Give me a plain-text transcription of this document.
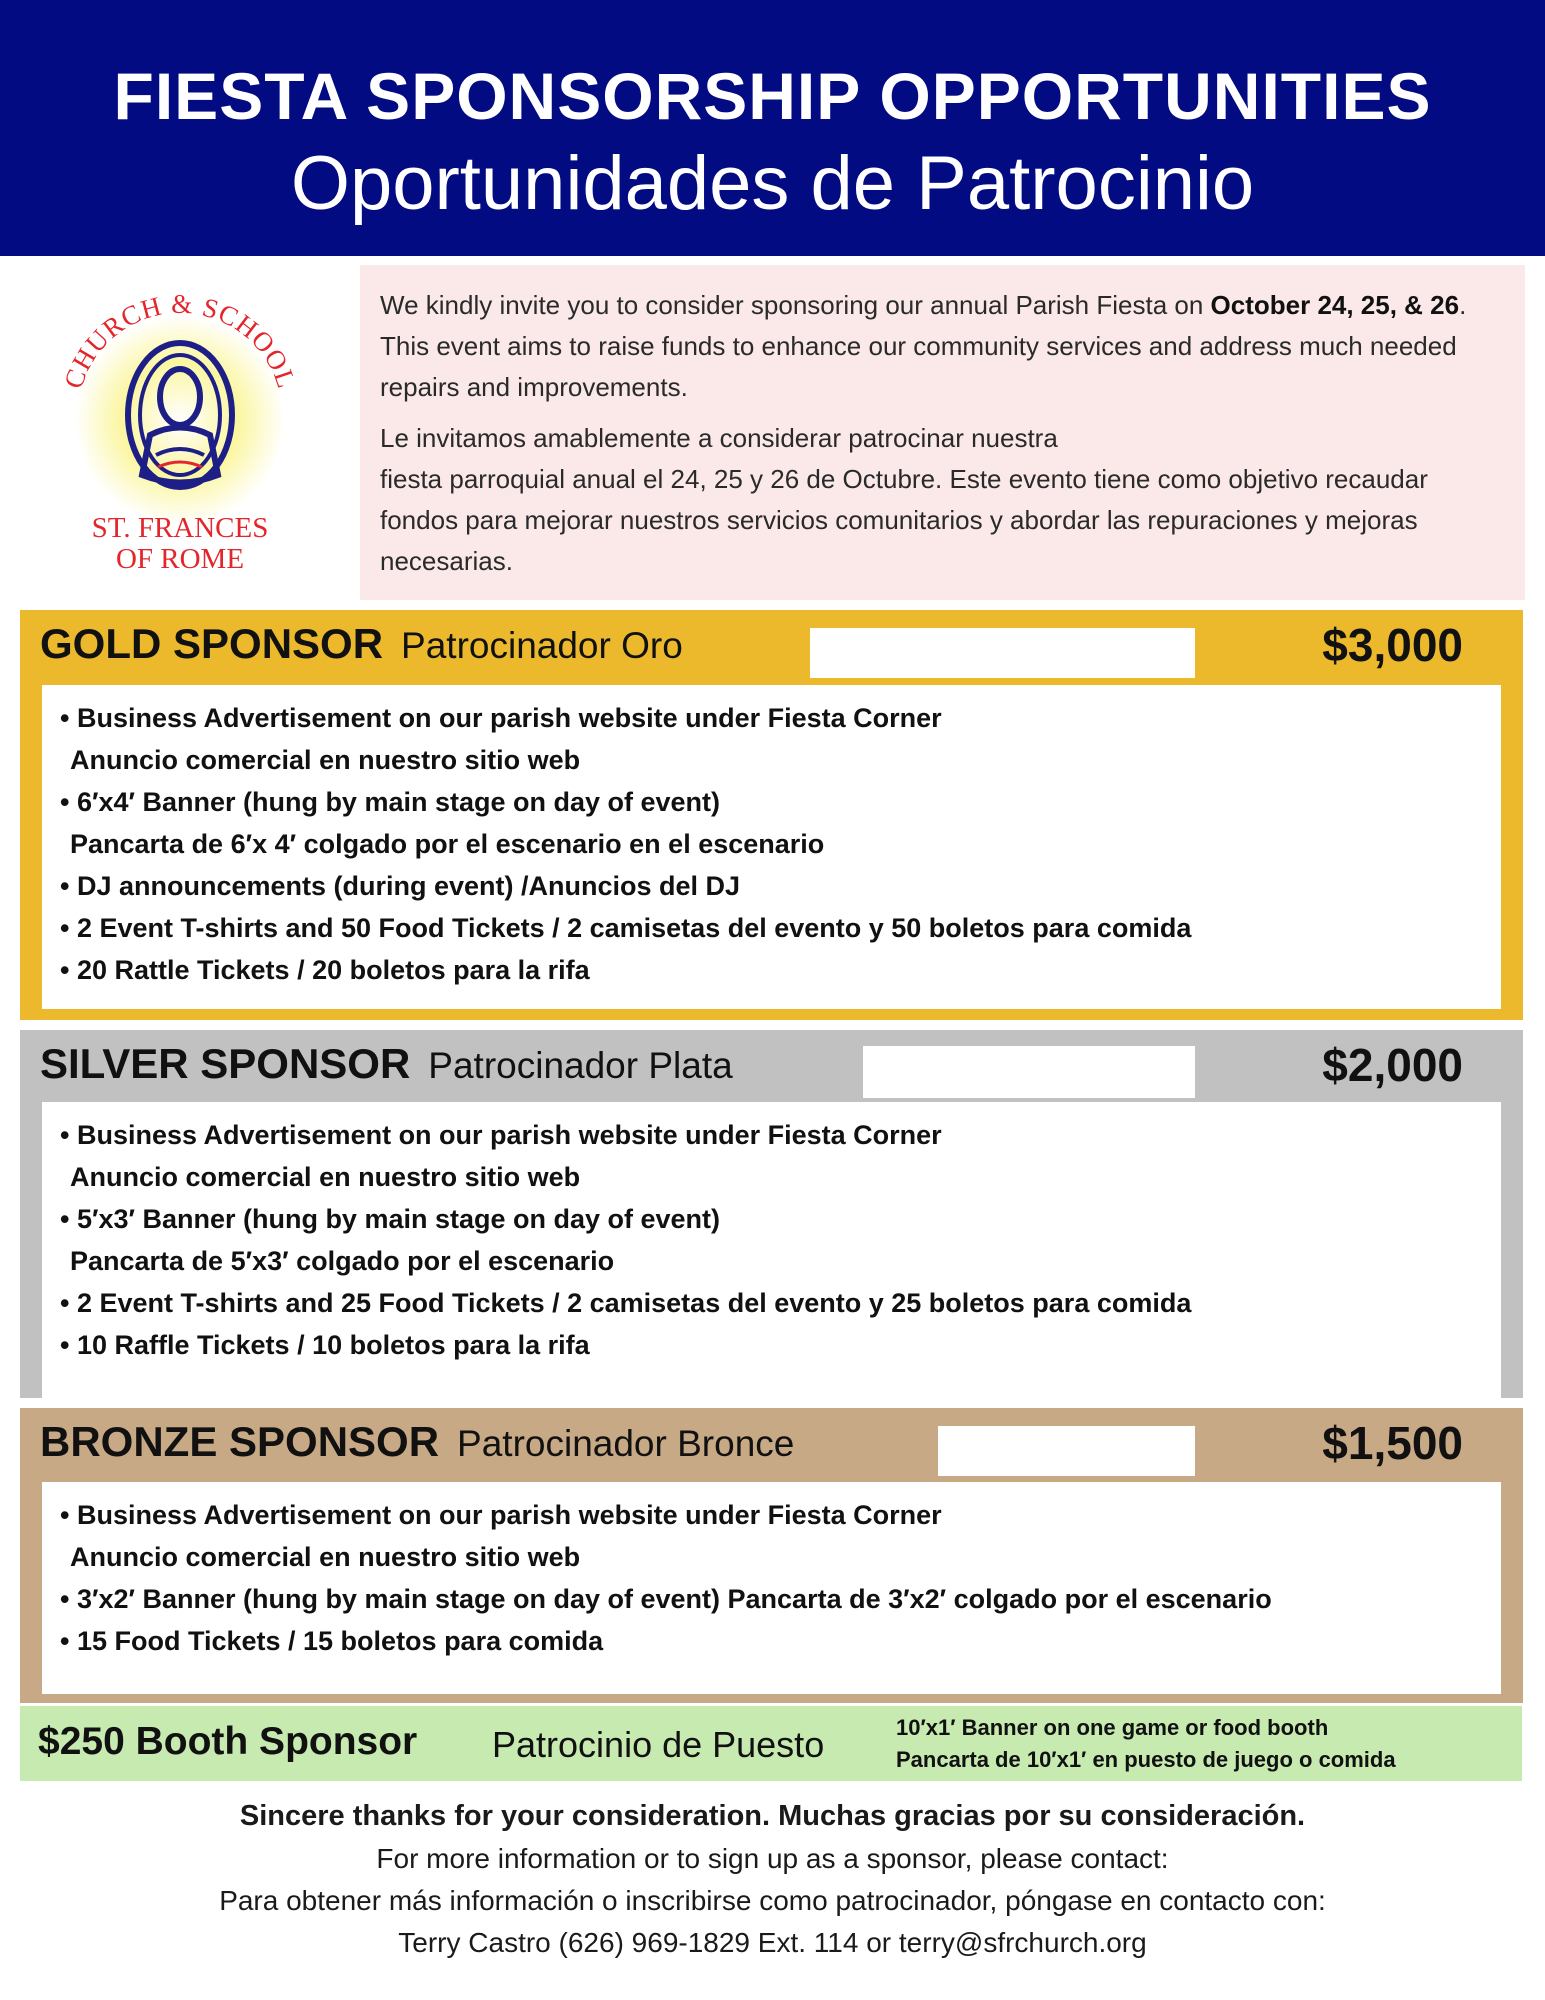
FIESTA SPONSORSHIP OPPORTUNITIES
Oportunidades de Patrocinio
CHURCH & SCHOOL
ST. FRANCES
OF ROME

We kindly invite you to consider sponsoring our annual Parish Fiesta on October 24, 25, & 26. This event aims to raise funds to enhance our community services and address much needed repairs and improvements.

Le invitamos amablemente a considerar patrocinar nuestra
fiesta parroquial anual el 24, 25 y 26 de Octubre. Este evento tiene como objetivo recaudar fondos para mejorar nuestros servicios comunitarios y abordar las repuraciones y mejoras necesarias.

GOLD SPONSOR Patrocinador Oro	$3,000
• Business Advertisement on our parish website under Fiesta Corner
Anuncio comercial en nuestro sitio web
• 6′x4′ Banner (hung by main stage on day of event)
Pancarta de 6′x 4′ colgado por el escenario en el escenario
• DJ announcements (during event) /Anuncios del DJ
• 2 Event T-shirts and 50 Food Tickets / 2 camisetas del evento y 50 boletos para comida
• 20 Rattle Tickets / 20 boletos para la rifa
SILVER SPONSOR Patrocinador Plata	$2,000
• Business Advertisement on our parish website under Fiesta Corner
Anuncio comercial en nuestro sitio web
• 5′x3′ Banner (hung by main stage on day of event)
Pancarta de 5′x3′ colgado por el escenario
• 2 Event T-shirts and 25 Food Tickets / 2 camisetas del evento y 25 boletos para comida
• 10 Raffle Tickets / 10 boletos para la rifa
BRONZE SPONSOR Patrocinador Bronce	$1,500
• Business Advertisement on our parish website under Fiesta Corner
Anuncio comercial en nuestro sitio web
• 3′x2′ Banner (hung by main stage on day of event) Pancarta de 3′x2′ colgado por el escenario
• 15 Food Tickets / 15 boletos para comida
$250 Booth Sponsor Patrocinio de Puesto	10′x1′ Banner on one game or food booth
Pancarta de 10′x1′ en puesto de juego o comida
Sincere thanks for your consideration. Muchas gracias por su consideración.
For more information or to sign up as a sponsor, please contact:
Para obtener más información o inscribirse como patrocinador, póngase en contacto con:
Terry Castro (626) 969-1829 Ext. 114 or terry@sfrchurch.org
